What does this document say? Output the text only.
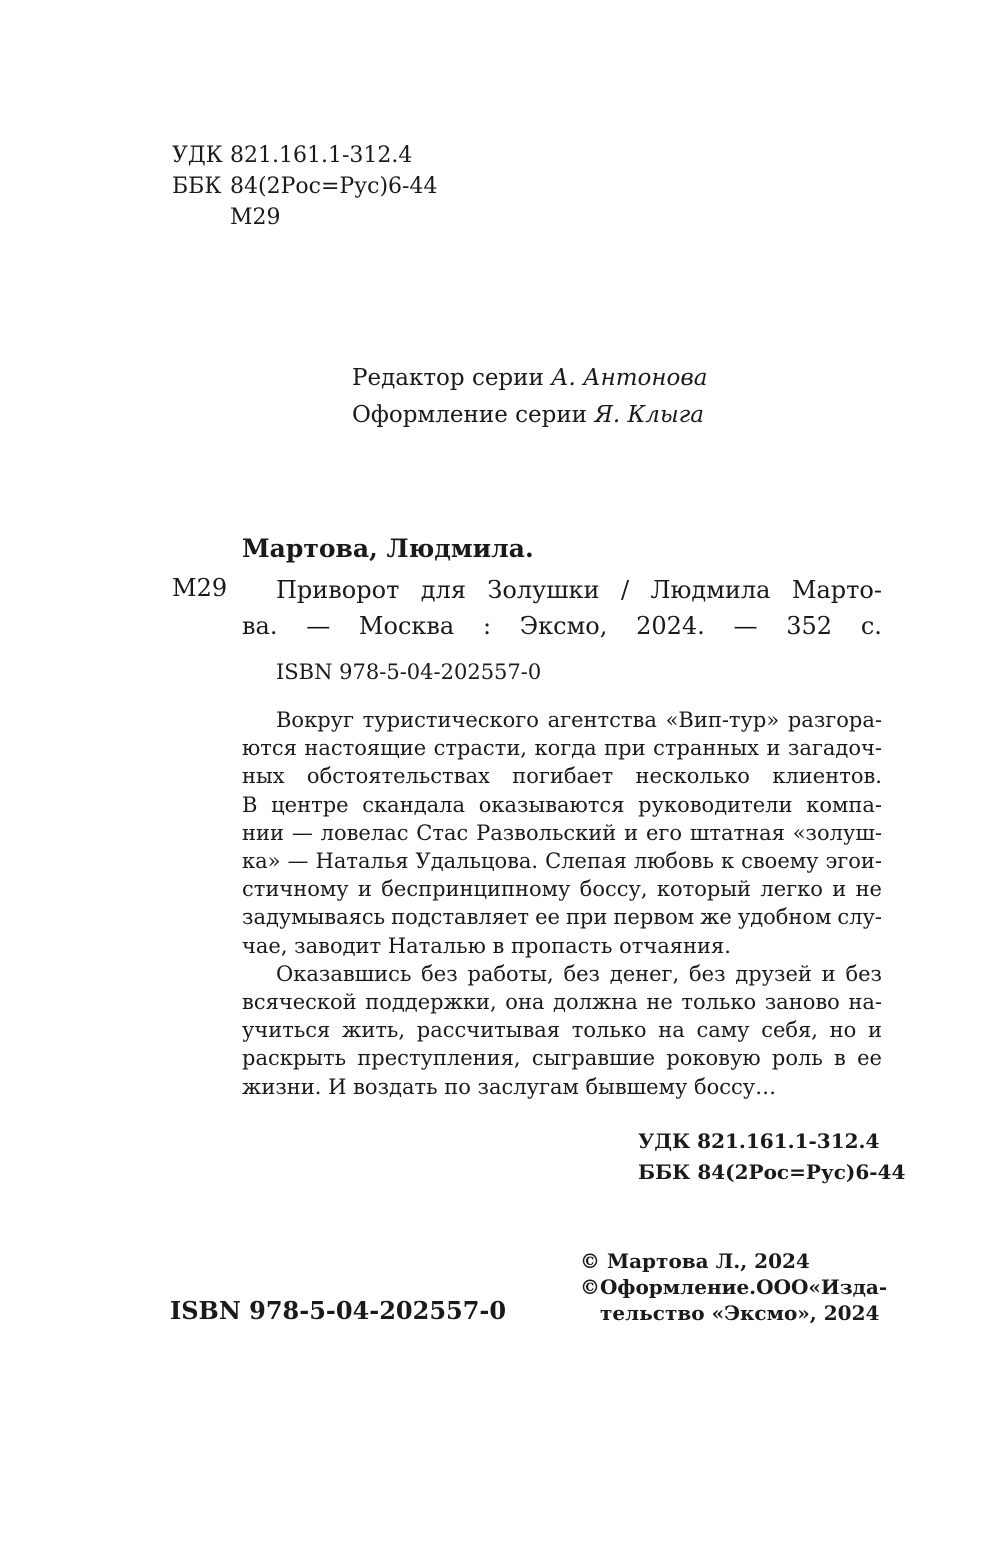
УДК 821.161.1-312.4
ББК 84(2Рос=Рус)6-44
М29
Редактор серии А. Антонова
Оформление серии Я. Клыга
Мартова, Людмила.
М29 Приворот для Золушки / Людмила Марто-
ва. — Москва : Эксмо, 2024. — 352 с.
ISBN 978-5-04-202557-0
Вокруг туристического агентства «Вип-тур» разгора-
ются настоящие страсти, когда при странных и загадоч-
ных обстоятельствах погибает несколько клиентов.
В центре скандала оказываются руководители компа-
нии — ловелас Стас Развольский и его штатная «золуш-
ка» — Наталья Удальцова. Слепая любовь к своему эгои-
стичному и беспринципному боссу, который легко и не
задумываясь подставляет ее при первом же удобном слу-
чае, заводит Наталью в пропасть отчаяния.
Оказавшись без работы, без денег, без друзей и без
всяческой поддержки, она должна не только заново на-
учиться жить, рассчитывая только на саму себя, но и
раскрыть преступления, сыгравшие роковую роль в ее
жизни. И воздать по заслугам бывшему боссу…
УДК 821.161.1-312.4
ББК 84(2Рос=Рус)6-44
© Мартова Л., 2024
© Оформление. ООО «Изда-
тельство «Эксмо», 2024
ISBN 978-5-04-202557-0
